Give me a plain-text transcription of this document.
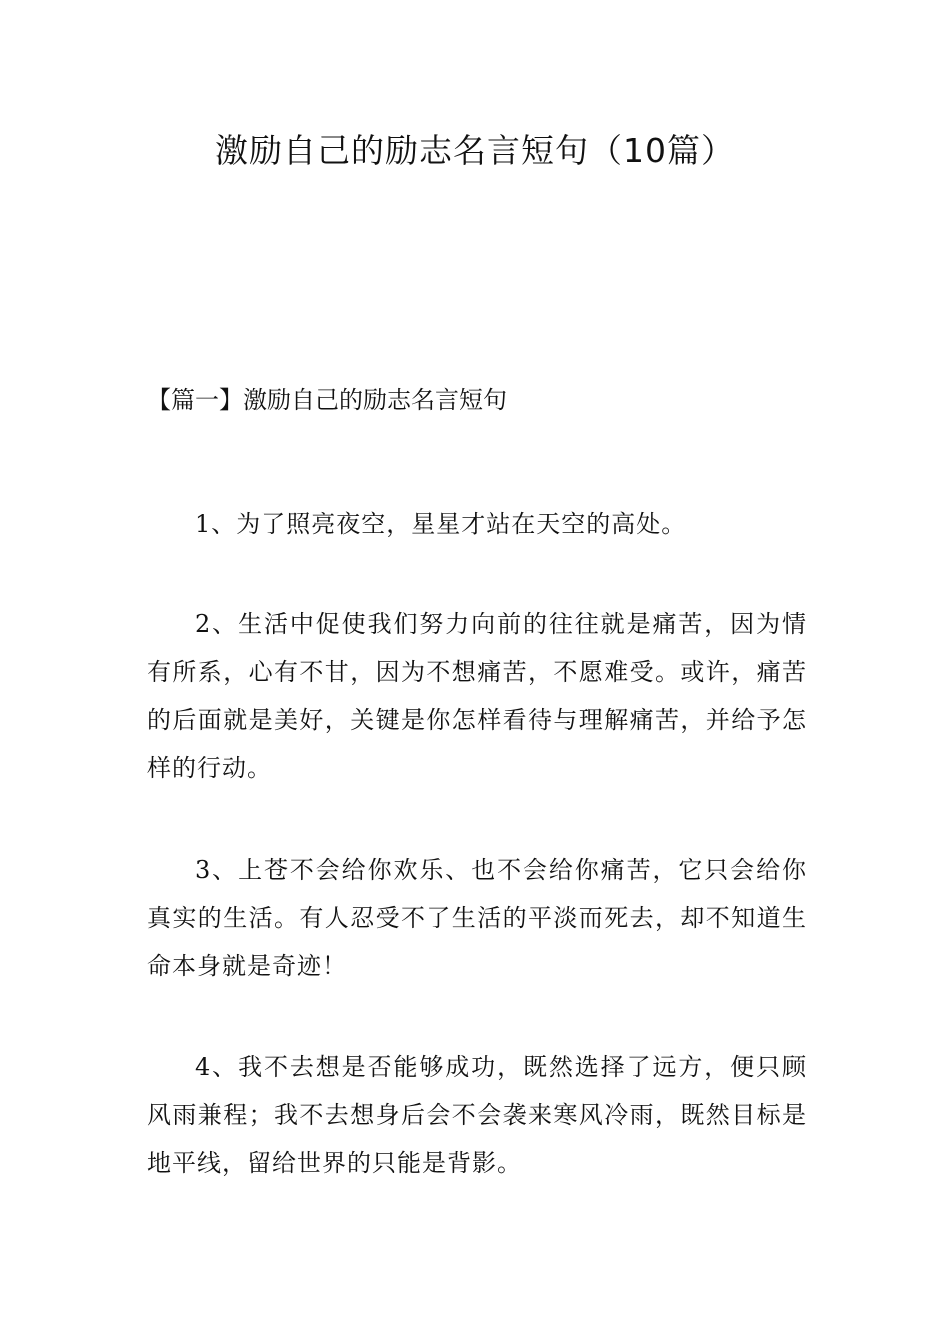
激励自己的励志名言短句（10篇）
【篇一】激励自己的励志名言短句

1、为了照亮夜空，星星才站在天空的高处。

2、生活中促使我们努力向前的往往就是痛苦，因为情有所系，心有不甘，因为不想痛苦，不愿难受。或许，痛苦的后面就是美好，关键是你怎样看待与理解痛苦，并给予怎样的行动。

3、上苍不会给你欢乐、也不会给你痛苦，它只会给你真实的生活。有人忍受不了生活的平淡而死去，却不知道生命本身就是奇迹！

4、我不去想是否能够成功，既然选择了远方，便只顾风雨兼程；我不去想身后会不会袭来寒风冷雨，既然目标是地平线，留给世界的只能是背影。
